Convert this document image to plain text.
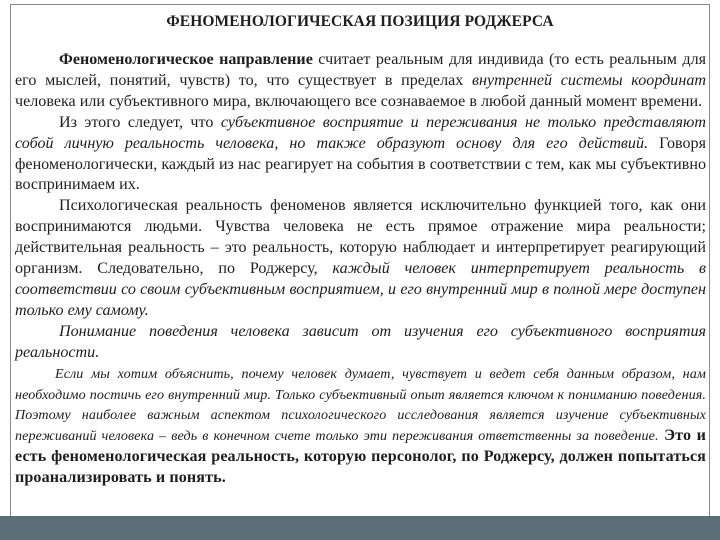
ФЕНОМЕНОЛОГИЧЕСКАЯ ПОЗИЦИЯ РОДЖЕРСА

Феноменологическое направление считает реальным для индивида (то есть реальным для его мыслей, понятий, чувств) то, что существует в пределах внутренней системы координат человека или субъективного мира, включающего все сознаваемое в любой данный момент времени.

Из этого следует, что субъективное восприятие и переживания не только представляют собой личную реальность человека, но также образуют основу для его действий. Говоря феноменологически, каждый из нас реагирует на события в соответствии с тем, как мы субъективно воспринимаем их.

Психологическая реальность феноменов является исключительно функцией того, как они воспринимаются людьми. Чувства человека не есть прямое отражение мира реальности; действительная реальность – это реальность, которую наблюдает и интерпретирует реагирующий организм. Следовательно, по Роджерсу, каждый человек интерпретирует реальность в соответствии со своим субъективным восприятием, и его внутренний мир в полной мере доступен только ему самому.

Понимание поведения человека зависит от изучения его субъективного восприятия реальности.

Если мы хотим объяснить, почему человек думает, чувствует и ведет себя данным образом, нам необходимо постичь его внутренний мир. Только субъективный опыт является ключом к пониманию поведения. Поэтому наиболее важным аспектом психологического исследования является изучение субъективных переживаний человека – ведь в конечном счете только эти переживания ответственны за поведение. Это и есть феноменологическая реальность, которую персонолог, по Роджерсу, должен попытаться проанализировать и понять.
